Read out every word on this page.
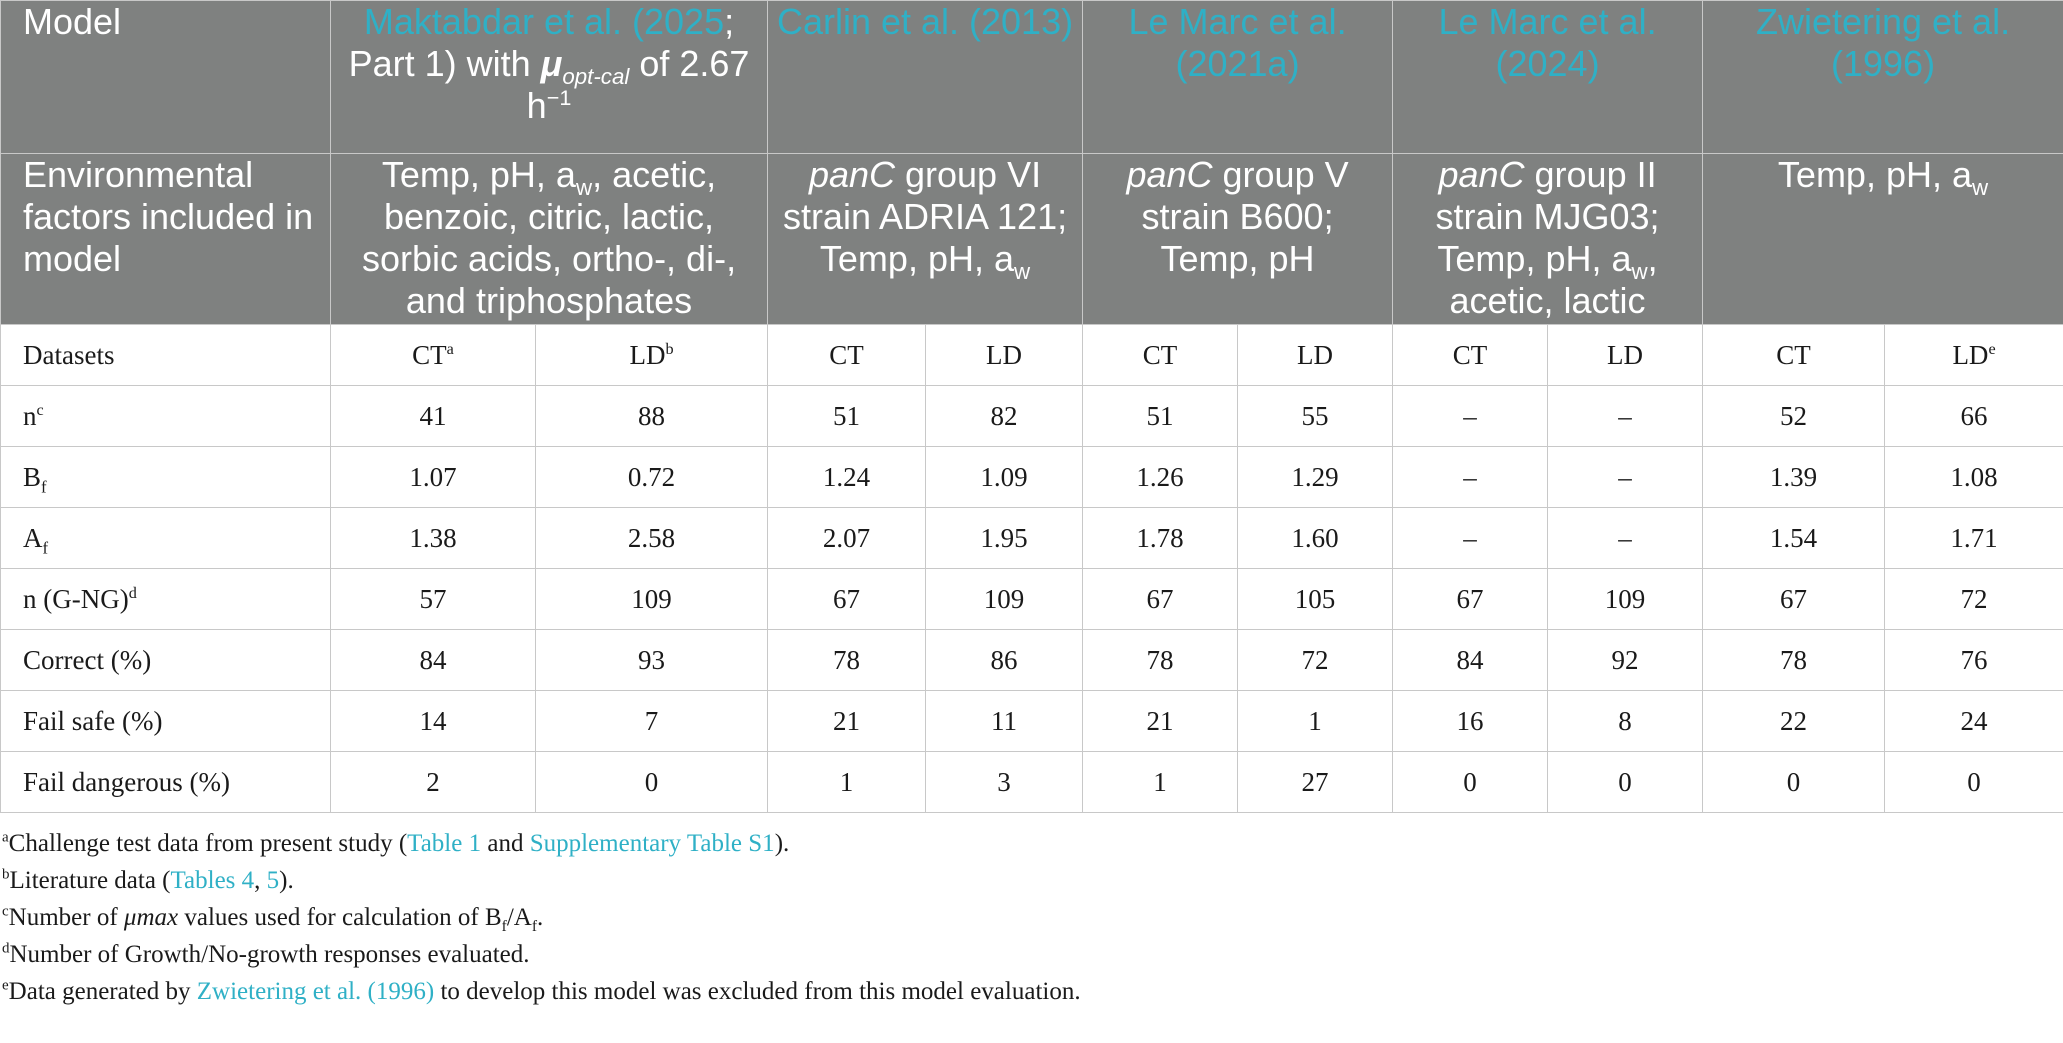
Model	Maktabdar et al. (2025; Part 1) with $\mu_{opt-cal}$ of 2.67 $h^{-1}$		Carlin et al. (2013)		Le Marc et al. (2021a)		Le Marc et al. (2024)		Zwietering et al. (1996)	
Environmental factors included in model	Temp, pH, $a_w$, acetic, benzoic, citric, lactic, sorbic acids, ortho-, di-, and triphosphates		panC group VI strain ADRIA 121; Temp, pH, $a_w$		panC group V strain B600; Temp, pH		panC group II strain MJG03; Temp, pH, $a_w$, acetic, lactic		Temp, pH, $a_w$
Datasets	$CT^a$	$LD^b$	CT	LD	CT	LD	CT	LD	CT	LDe
$n^c$	41	88	51	82	51	55	–	–	52	66
$B_f$	1.07	0.72	1.24	1.09	1.26	1.29	–	–	1.39	1.08
$A_f$	1.38	2.58	2.07	1.95	1.78	1.60	–	–	1.54	1.71
n $(G-NG)^d$	57	109	67	109	67	105	67	109	67	72
Correct (%)	84	93	78	86	78	72	84	92	78	76
Fail safe (%)	14	7	21	11	21	1	16	8	22	24
Fail dangerous (%)	2	0	1	3	1	27	0	0	0	0
$^a$Challenge test data from present study (Table 1 and Supplementary Table S1).
$^b$Literature data (Tables 4, 5).
$^c$Number of μmax values used for calculation of $B_f/A_f$.
$^d$Number of Growth/No-growth responses evaluated.
$^e$Data generated by Zwietering et al. (1996) to develop this model was excluded from this model evaluation.
